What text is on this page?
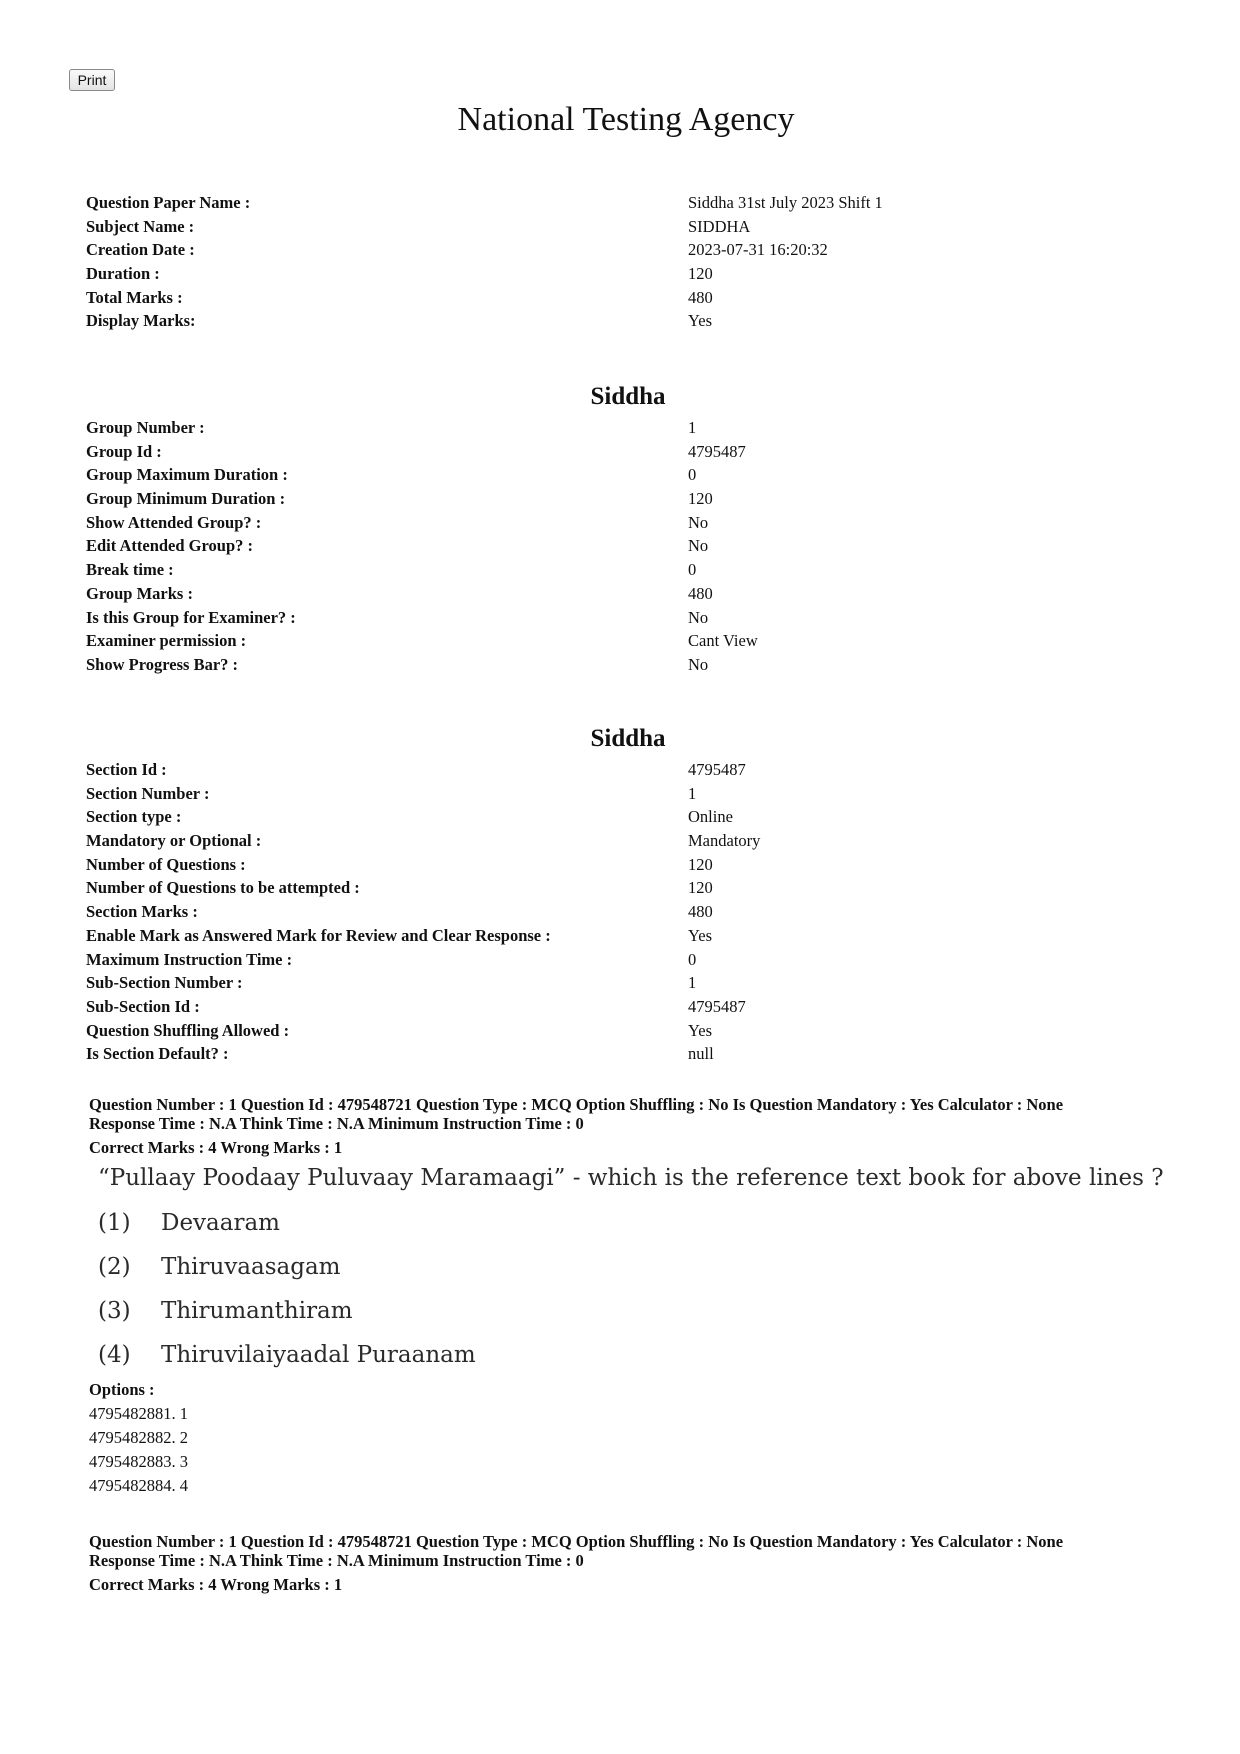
Print
National Testing Agency
Question Paper Name :	Siddha 31st July 2023 Shift 1
Subject Name :	SIDDHA
Creation Date :	2023-07-31 16:20:32
Duration :	120
Total Marks :	480
Display Marks:	Yes
Siddha
Group Number :	1
Group Id :	4795487
Group Maximum Duration :	0
Group Minimum Duration :	120
Show Attended Group? :	No
Edit Attended Group? :	No
Break time :	0
Group Marks :	480
Is this Group for Examiner? :	No
Examiner permission :	Cant View
Show Progress Bar? :	No
Siddha
Section Id :	4795487
Section Number :	1
Section type :	Online
Mandatory or Optional :	Mandatory
Number of Questions :	120
Number of Questions to be attempted :	120
Section Marks :	480
Enable Mark as Answered Mark for Review and Clear Response :	Yes
Maximum Instruction Time :	0
Sub-Section Number :	1
Sub-Section Id :	4795487
Question Shuffling Allowed :	Yes
Is Section Default? :	null
Question Number : 1 Question Id : 479548721 Question Type : MCQ Option Shuffling : No Is Question Mandatory : Yes Calculator : None
Response Time : N.A Think Time : N.A Minimum Instruction Time : 0
Correct Marks : 4 Wrong Marks : 1
“Pullaay Poodaay Puluvaay Maramaagi” - which is the reference text book for above lines ?
(1)	Devaaram
(2)	Thiruvaasagam
(3)	Thirumanthiram
(4)	Thiruvilaiyaadal Puraanam
Options :
4795482881. 1
4795482882. 2
4795482883. 3
4795482884. 4
Question Number : 1 Question Id : 479548721 Question Type : MCQ Option Shuffling : No Is Question Mandatory : Yes Calculator : None
Response Time : N.A Think Time : N.A Minimum Instruction Time : 0
Correct Marks : 4 Wrong Marks : 1
